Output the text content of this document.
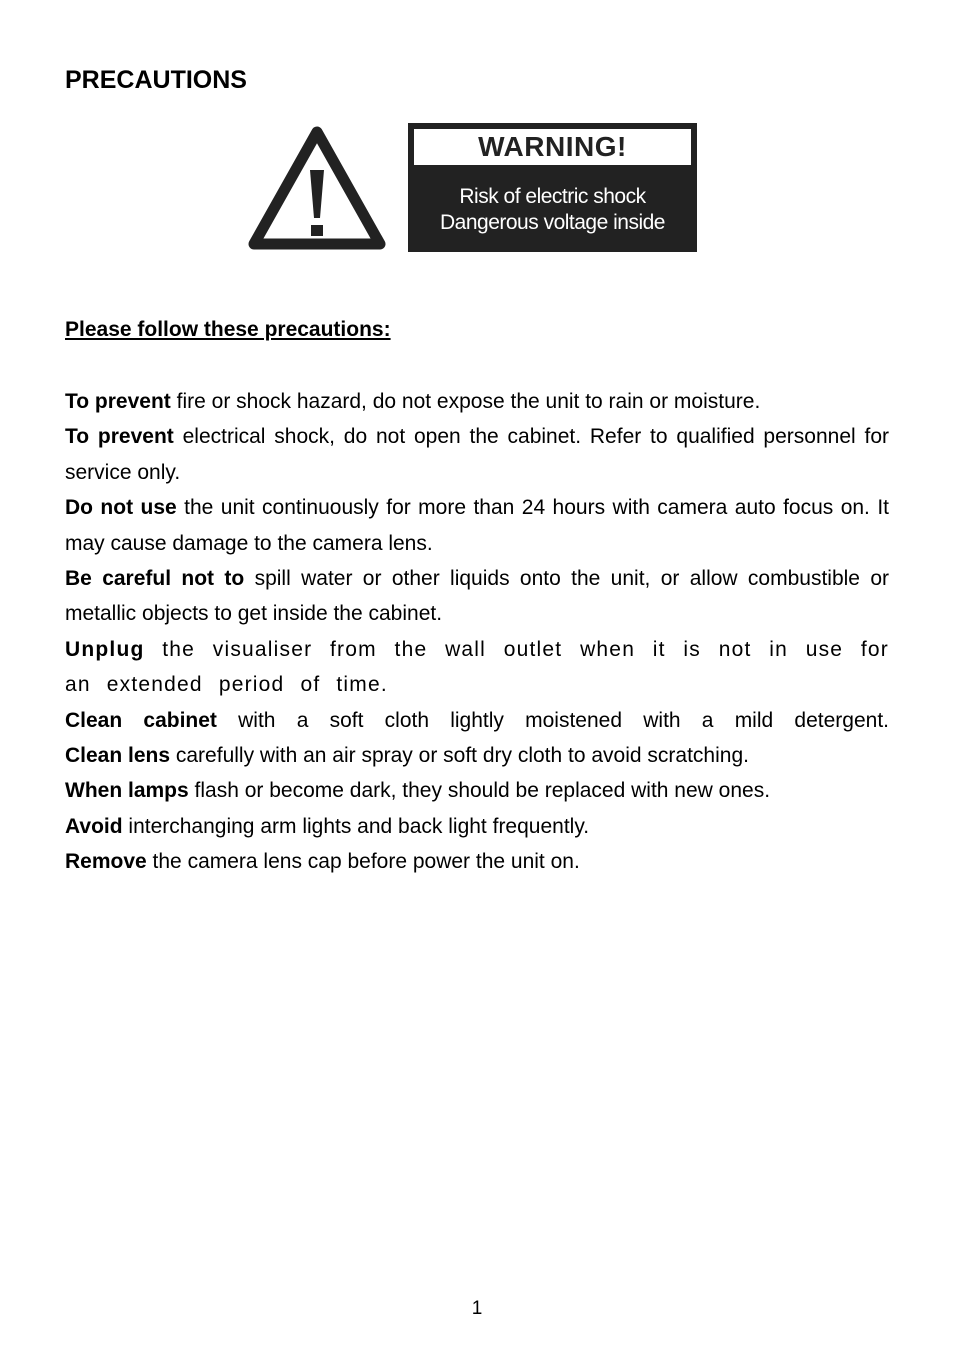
PRECAUTIONS
WARNING!
Risk of electric shock
Dangerous voltage inside
Please follow these precautions:

To prevent fire or shock hazard, do not expose the unit to rain or moisture.

To prevent electrical shock, do not open the cabinet. Refer to qualified personnel for service only.

Do not use the unit continuously for more than 24 hours with camera auto focus on. It may cause damage to the camera lens.

Be careful not to spill water or other liquids onto the unit, or allow combustible or metallic objects to get inside the cabinet.

Unplug the visualiser from the wall outlet when it is not in use for an extended period of time.

Clean cabinet with a soft cloth lightly moistened with a mild detergent.

Clean lens carefully with an air spray or soft dry cloth to avoid scratching.

When lamps flash or become dark, they should be replaced with new ones.

Avoid interchanging arm lights and back light frequently.

Remove the camera lens cap before power the unit on.

1
